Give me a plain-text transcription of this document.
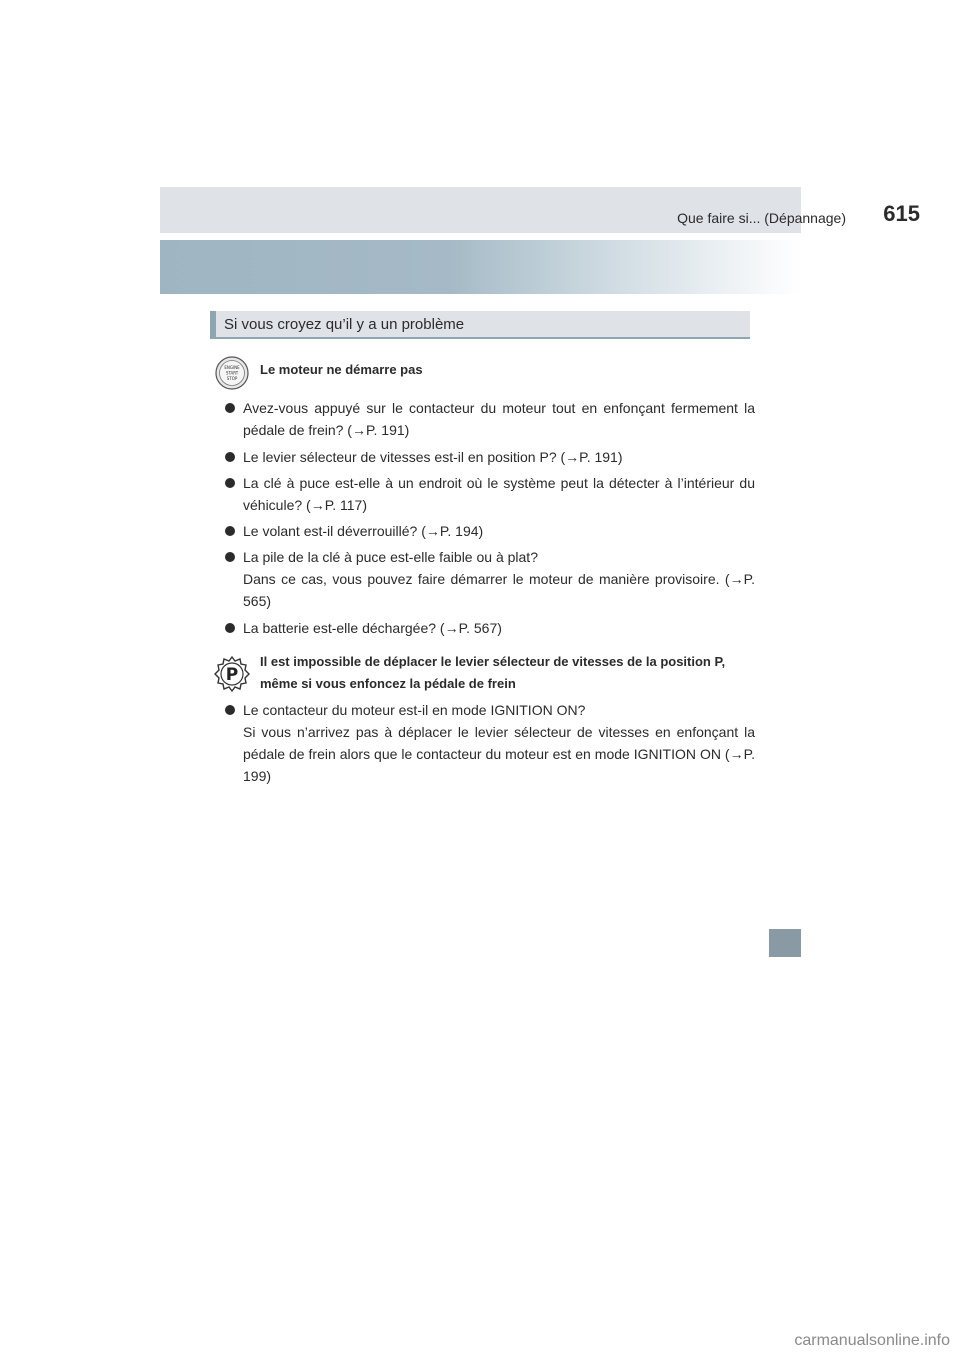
Que faire si... (Dépannage) 615
Si vous croyez qu’il y a un problème
ENGINE
START
STOP
Le moteur ne démarre pas
Avez-vous appuyé sur le contacteur du moteur tout en enfonçant fermement la pédale de frein? (→P. 191)
Le levier sélecteur de vitesses est-il en position P? (→P. 191)
La clé à puce est-elle à un endroit où le système peut la détecter à l’intérieur du véhicule? (→P. 117)
Le volant est-il déverrouillé? (→P. 194)
La pile de la clé à puce est-elle faible ou à plat?
Dans ce cas, vous pouvez faire démarrer le moteur de manière provisoire. (→P. 565)
La batterie est-elle déchargée? (→P. 567)
P
Il est impossible de déplacer le levier sélecteur de vitesses de la position P, même si vous enfoncez la pédale de frein
Le contacteur du moteur est-il en mode IGNITION ON?
Si vous n’arrivez pas à déplacer le levier sélecteur de vitesses en enfonçant la pédale de frein alors que le contacteur du moteur est en mode IGNITION ON (→P. 199)
carmanualsonline.info
